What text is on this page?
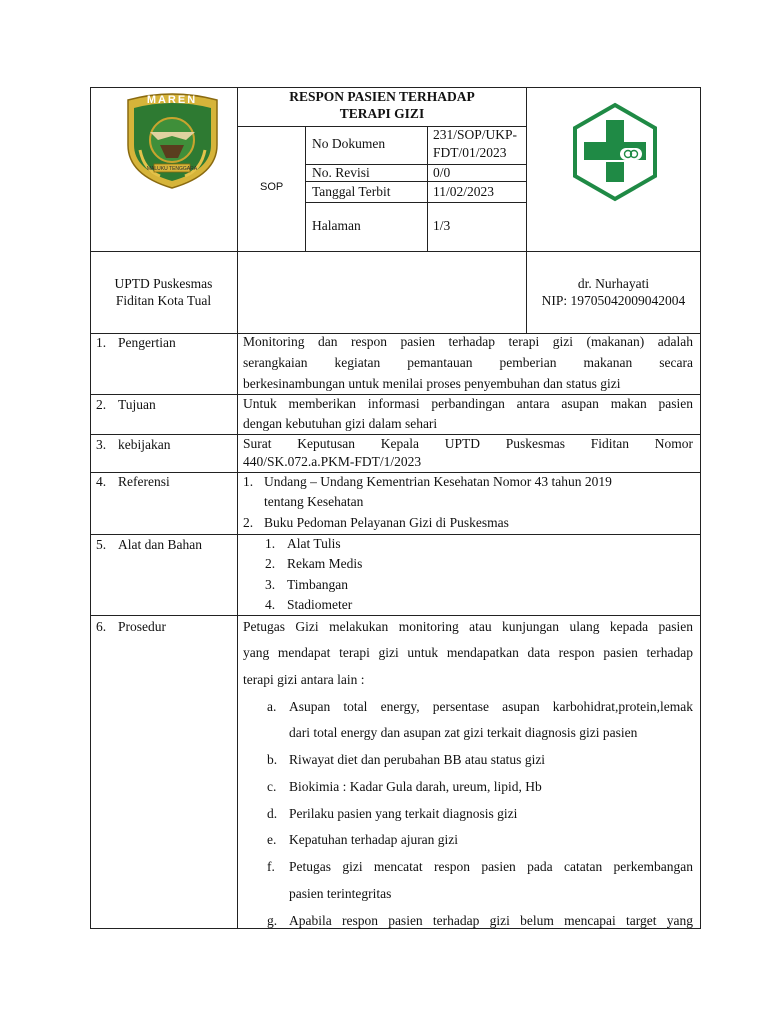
MALUKU TENGGARA
MAREN	RESPON PASIEN TERHADAP
TERAPI GIZI
SOP
No Dokumen
231/SOP/UKP-
FDT/01/2023
No. Revisi	0/0
Tanggal Terbit	11/02/2023
Halaman	1/3
UPTD Puskesmas
Fiditan Kota Tual
dr. Nurhayati
NIP: 19705042009042004
1. Pengertian	Monitoring dan respon pasien terhadap terapi gizi (makanan) adalah
serangkaian kegiatan pemantauan pemberian makanan secara
berkesinambungan untuk menilai proses penyembuhan dan status gizi
2. Tujuan	Untuk memberikan informasi perbandingan antara asupan makan pasien
dengan kebutuhan gizi dalam sehari
3. kebijakan	Surat Keputusan Kepala UPTD Puskesmas Fiditan Nomor
440/SK.072.a.PKM-FDT/1/2023
4. Referensi	1. Undang – Undang Kementrian Kesehatan Nomor 43 tahun 2019
tentang Kesehatan
2. Buku Pedoman Pelayanan Gizi di Puskesmas
5. Alat dan Bahan	1. Alat Tulis
2. Rekam Medis
3. Timbangan
4. Stadiometer
6. Prosedur	Petugas Gizi melakukan monitoring atau kunjungan ulang kepada pasien
yang mendapat terapi gizi untuk mendapatkan data respon pasien terhadap
terapi gizi antara lain :
a. Asupan total energy, persentase asupan karbohidrat,protein,lemak
dari total energy dan asupan zat gizi terkait diagnosis gizi pasien
b. Riwayat diet dan perubahan BB atau status gizi
c. Biokimia : Kadar Gula darah, ureum, lipid, Hb
d. Perilaku pasien yang terkait diagnosis gizi
e. Kepatuhan terhadap ajuran gizi
f. Petugas gizi mencatat respon pasien pada catatan perkembangan
pasien terintegritas
g. Apabila respon pasien terhadap gizi belum mencapai target yang
